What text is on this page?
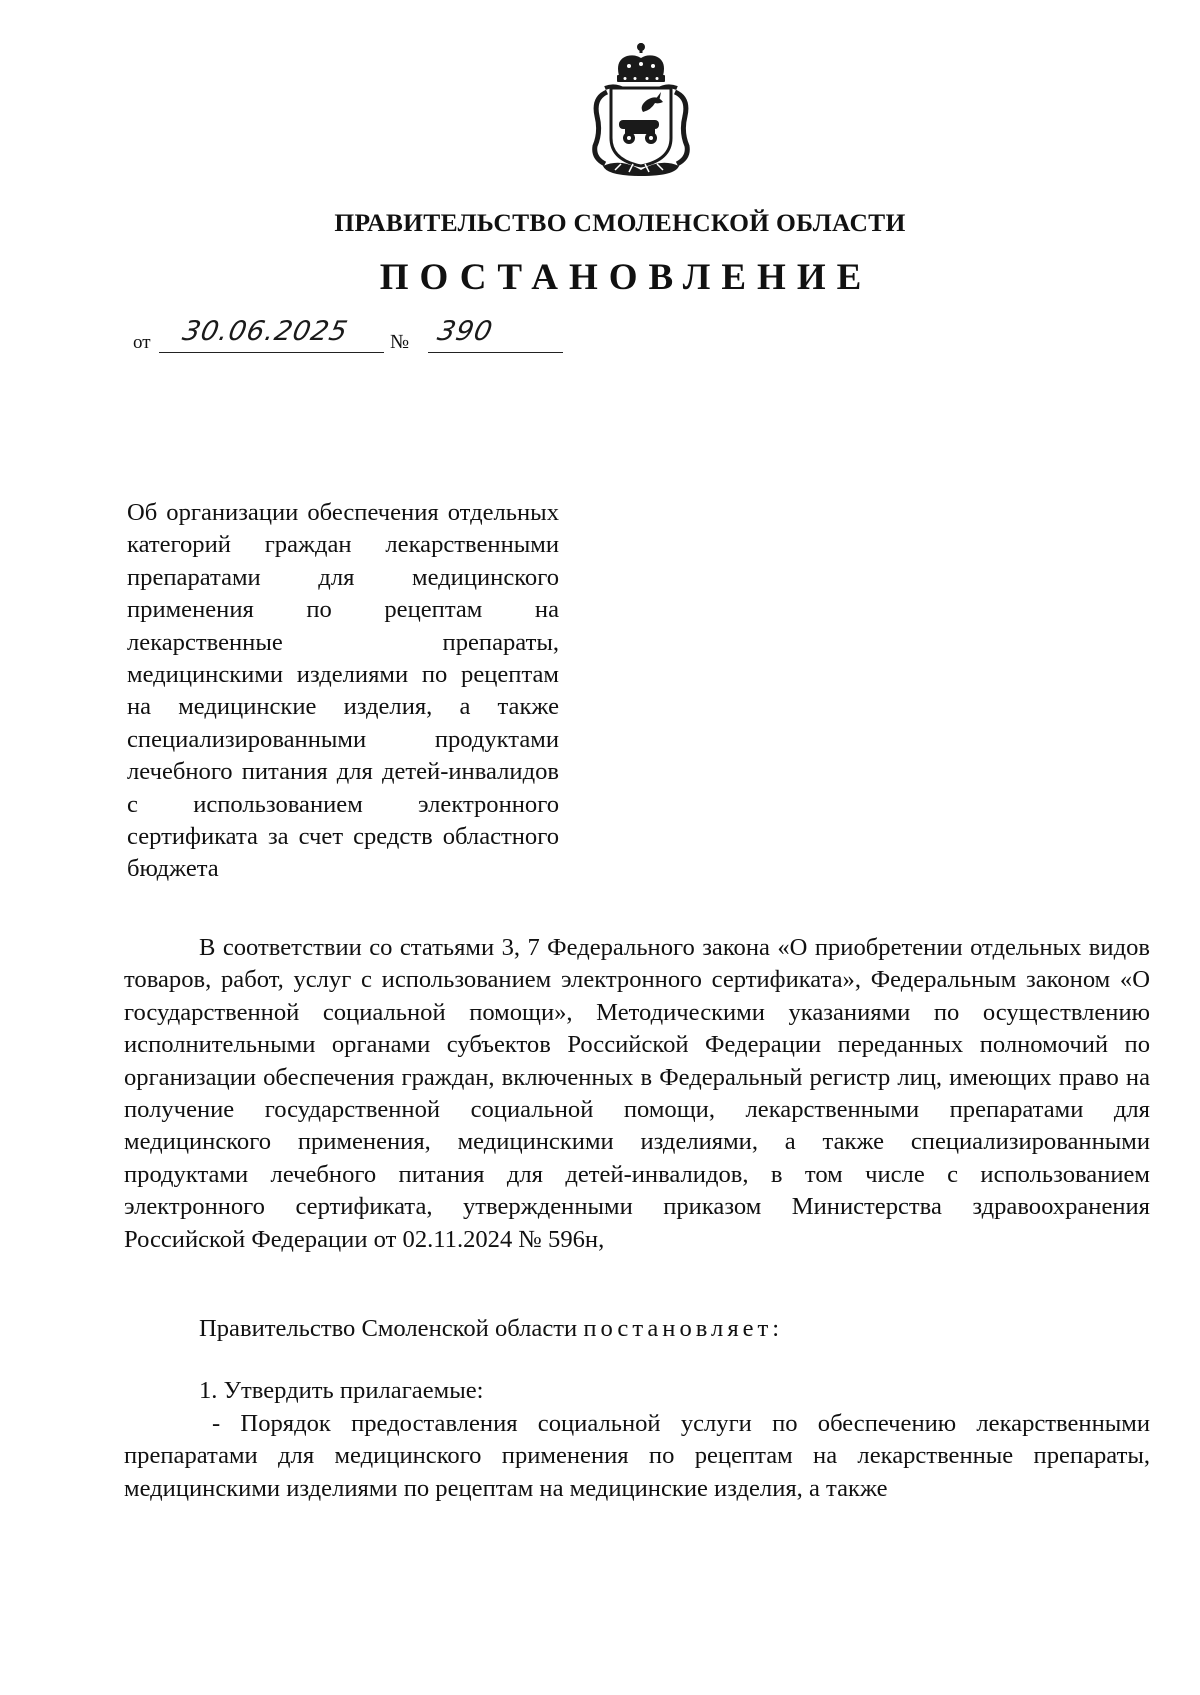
ПРАВИТЕЛЬСТВО СМОЛЕНСКОЙ ОБЛАСТИ
ПОСТАНОВЛЕНИЕ
от 30.06.2025 № 390
Об организации обеспечения отдельных категорий граждан лекарственными препаратами для медицинского применения по рецептам на лекарственные препараты, медицинскими изделиями по рецептам на медицинские изделия, а также специализированными продуктами лечебного питания для детей-инвалидов с использованием электронного сертификата за счет средств областного бюджета
В соответствии со статьями 3, 7 Федерального закона «О приобретении отдельных видов товаров, работ, услуг с использованием электронного сертификата», Федеральным законом «О государственной социальной помощи», Методическими указаниями по осуществлению исполнительными органами субъектов Российской Федерации переданных полномочий по организации обеспечения граждан, включенных в Федеральный регистр лиц, имеющих право на получение государственной социальной помощи, лекарственными препаратами для медицинского применения, медицинскими изделиями, а также специализированными продуктами лечебного питания для детей-инвалидов, в том числе с использованием электронного сертификата, утвержденными приказом Министерства здравоохранения Российской Федерации от 02.11.2024 № 596н,
Правительство Смоленской области постановляет:
1. Утвердить прилагаемые:
- Порядок предоставления социальной услуги по обеспечению лекарственными препаратами для медицинского применения по рецептам на лекарственные препараты, медицинскими изделиями по рецептам на медицинские изделия, а также
